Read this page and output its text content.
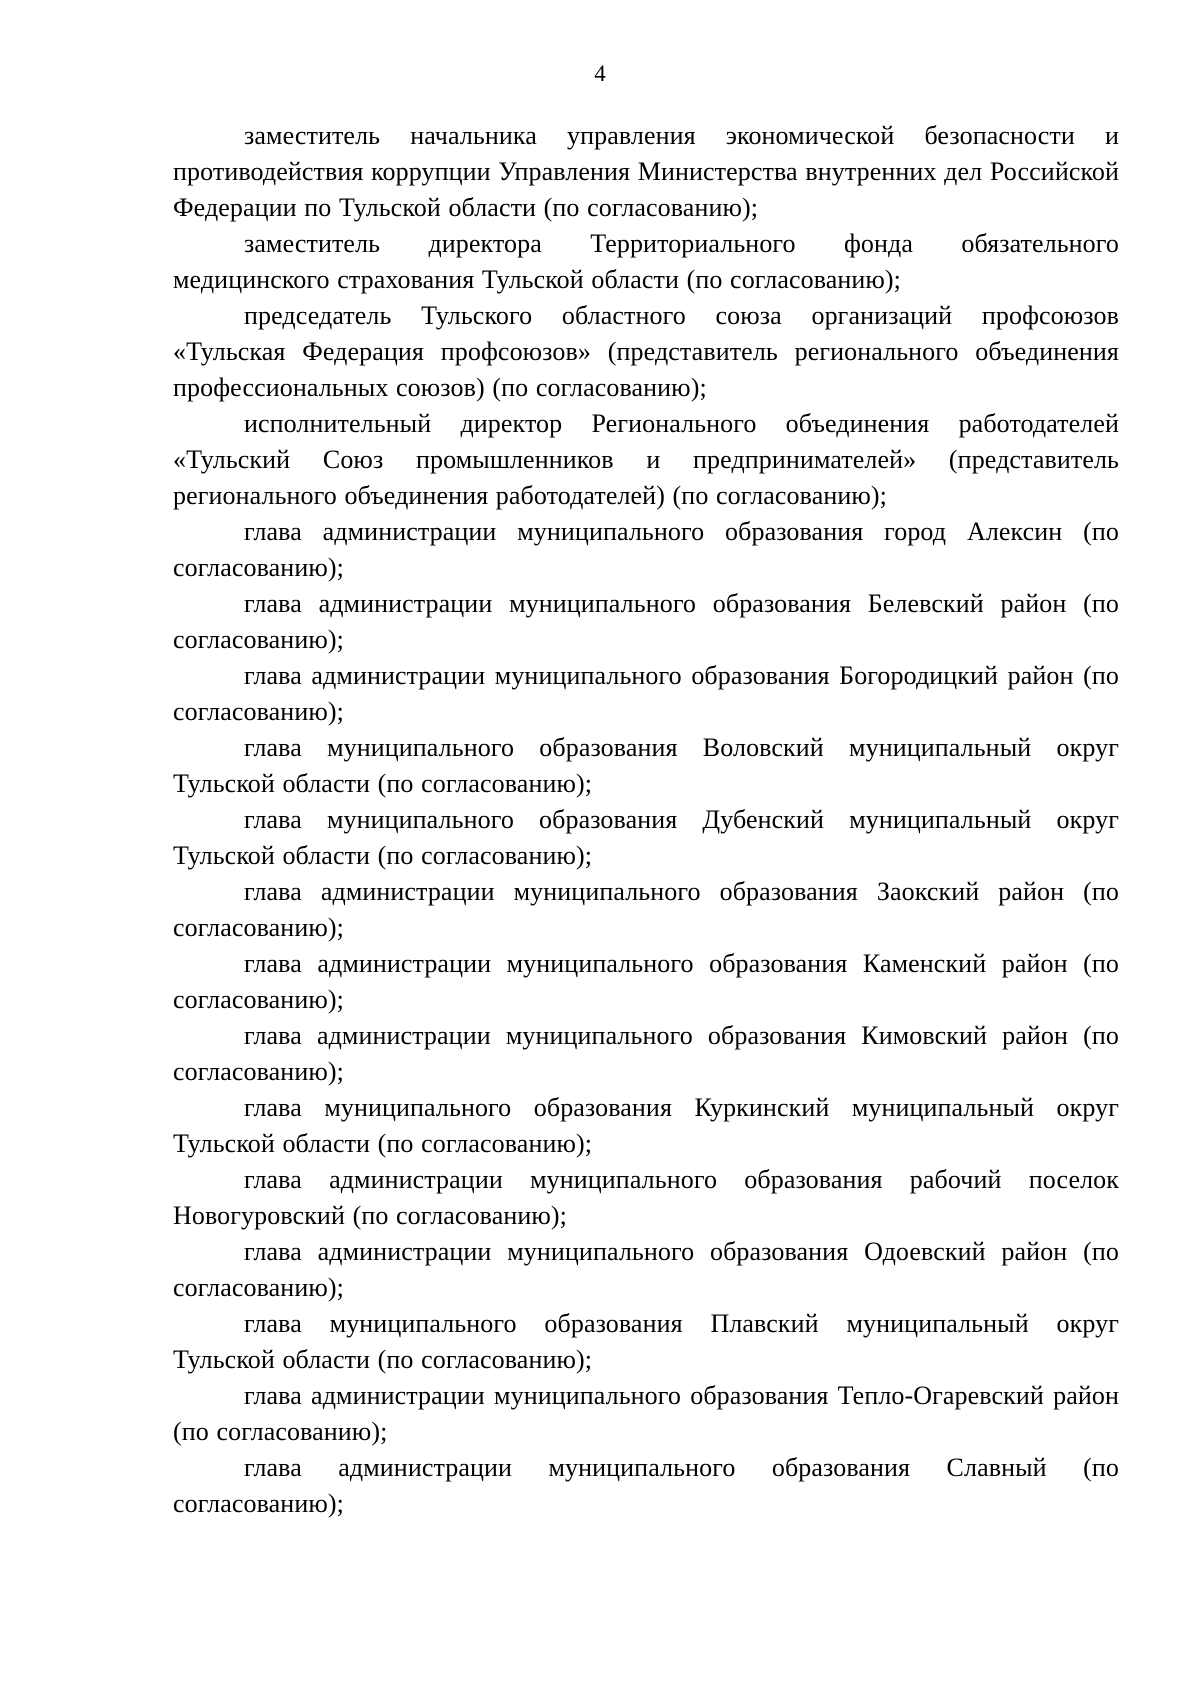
4

заместитель начальника управления экономической безопасности и противодействия коррупции Управления Министерства внутренних дел Российской Федерации по Тульской области (по согласованию);

заместитель директора Территориального фонда обязательного медицинского страхования Тульской области (по согласованию);

председатель Тульского областного союза организаций профсоюзов «Тульская Федерация профсоюзов» (представитель регионального объединения профессиональных союзов) (по согласованию);

исполнительный директор Регионального объединения работодателей «Тульский Союз промышленников и предпринимателей» (представитель регионального объединения работодателей) (по согласованию);

глава администрации муниципального образования город Алексин (по согласованию);

глава администрации муниципального образования Белевский район (по согласованию);

глава администрации муниципального образования Богородицкий район (по согласованию);

глава муниципального образования Воловский муниципальный округ Тульской области (по согласованию);

глава муниципального образования Дубенский муниципальный округ Тульской области (по согласованию);

глава администрации муниципального образования Заокский район (по согласованию);

глава администрации муниципального образования Каменский район (по согласованию);

глава администрации муниципального образования Кимовский район (по согласованию);

глава муниципального образования Куркинский муниципальный округ Тульской области (по согласованию);

глава администрации муниципального образования рабочий поселок Новогуровский (по согласованию);

глава администрации муниципального образования Одоевский район (по согласованию);

глава муниципального образования Плавский муниципальный округ Тульской области (по согласованию);

глава администрации муниципального образования Тепло-Огаревский район (по согласованию);

глава администрации муниципального образования Славный (по согласованию);
